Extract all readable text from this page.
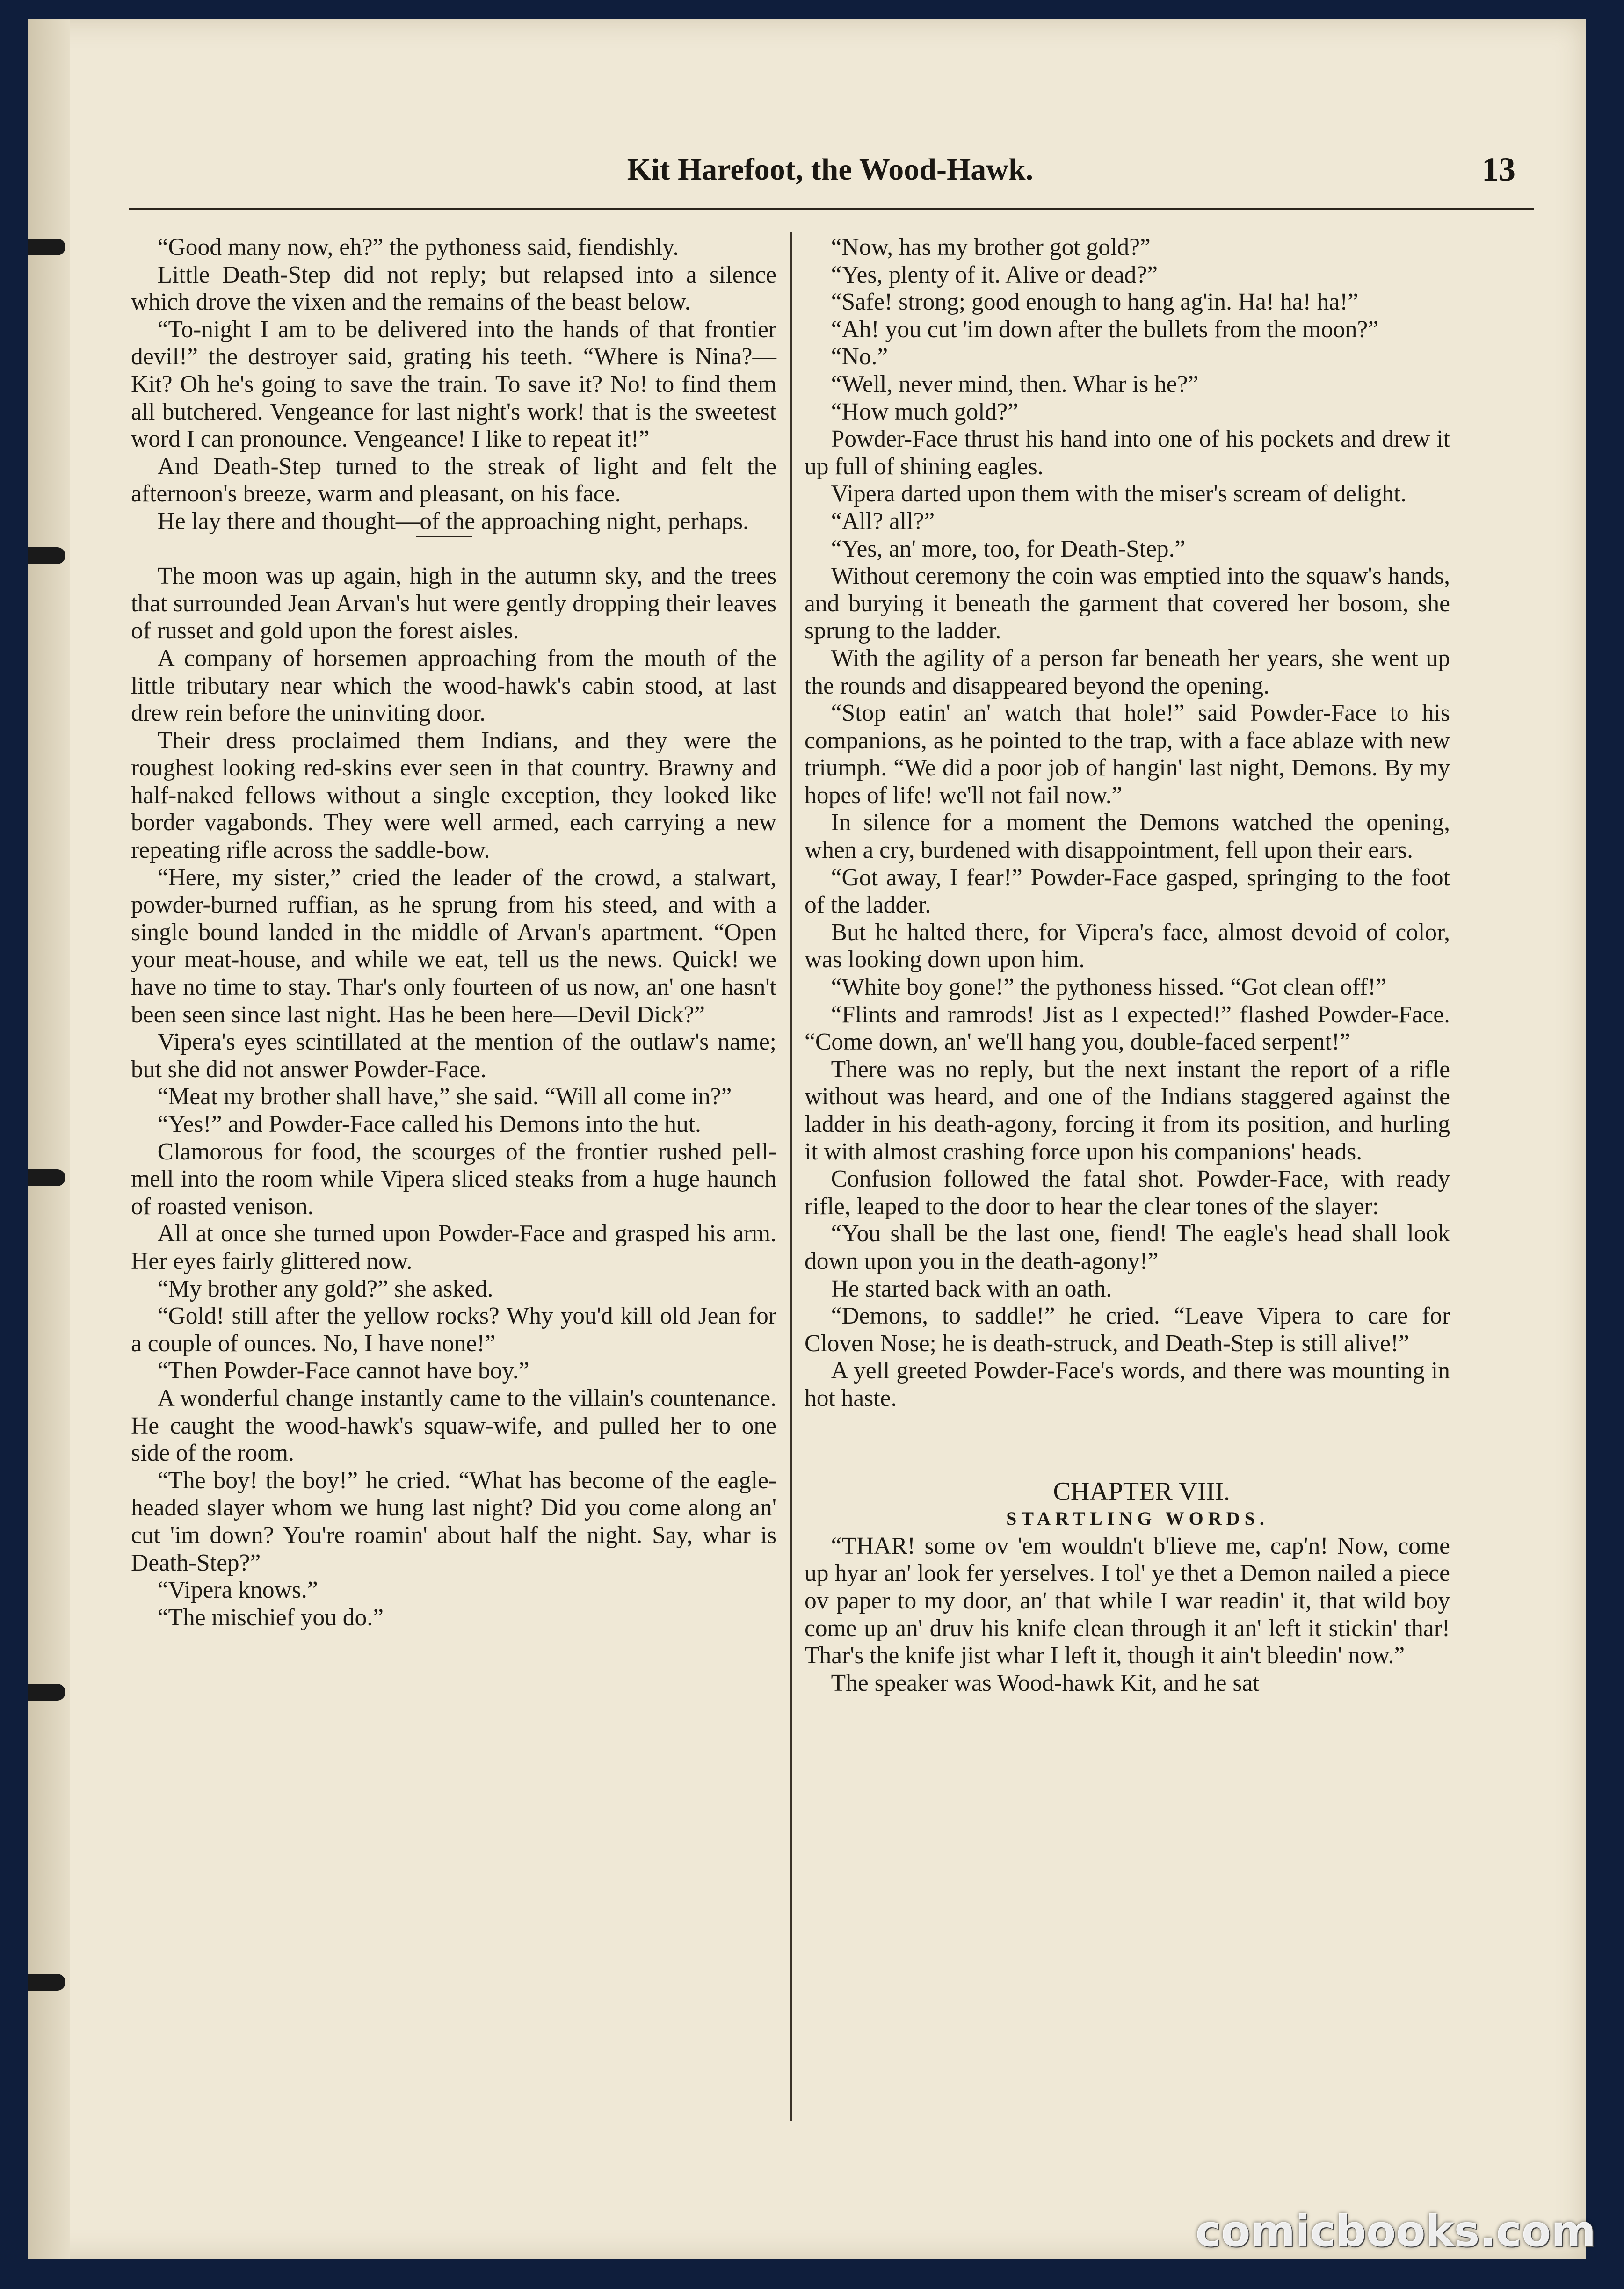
Kit Harefoot, the Wood-Hawk.	13

“Good many now, eh?” the pythoness said, fiendishly.

Little Death-Step did not reply; but relapsed into a silence which drove the vixen and the remains of the beast below.

“To-night I am to be delivered into the hands of that frontier devil!” the destroyer said, grating his teeth. “Where is Nina?—Kit? Oh he's going to save the train. To save it? No! to find them all butchered. Vengeance for last night's work! that is the sweetest word I can pronounce. Vengeance! I like to repeat it!”

And Death-Step turned to the streak of light and felt the afternoon's breeze, warm and pleasant, on his face.

He lay there and thought—of the approaching night, perhaps.

The moon was up again, high in the autumn sky, and the trees that surrounded Jean Arvan's hut were gently dropping their leaves of russet and gold upon the forest aisles.

A company of horsemen approaching from the mouth of the little tributary near which the wood-hawk's cabin stood, at last drew rein before the uninviting door.

Their dress proclaimed them Indians, and they were the roughest looking red-skins ever seen in that country. Brawny and half-naked fellows without a single exception, they looked like border vagabonds. They were well armed, each carrying a new repeating rifle across the saddle-bow.

“Here, my sister,” cried the leader of the crowd, a stalwart, powder-burned ruffian, as he sprung from his steed, and with a single bound landed in the middle of Arvan's apartment. “Open your meat-house, and while we eat, tell us the news. Quick! we have no time to stay. Thar's only fourteen of us now, an' one hasn't been seen since last night. Has he been here—Devil Dick?”

Vipera's eyes scintillated at the mention of the outlaw's name; but she did not answer Powder-Face.

“Meat my brother shall have,” she said. “Will all come in?”

“Yes!” and Powder-Face called his Demons into the hut.

Clamorous for food, the scourges of the frontier rushed pell-mell into the room while Vipera sliced steaks from a huge haunch of roasted venison.

All at once she turned upon Powder-Face and grasped his arm. Her eyes fairly glittered now.

“My brother any gold?” she asked.

“Gold! still after the yellow rocks? Why you'd kill old Jean for a couple of ounces. No, I have none!”

“Then Powder-Face cannot have boy.”

A wonderful change instantly came to the villain's countenance. He caught the wood-hawk's squaw-wife, and pulled her to one side of the room.

“The boy! the boy!” he cried. “What has become of the eagle-headed slayer whom we hung last night? Did you come along an' cut 'im down? You're roamin' about half the night. Say, whar is Death-Step?”

“Vipera knows.”

“The mischief you do.”

“Now, has my brother got gold?”

“Yes, plenty of it. Alive or dead?”

“Safe! strong; good enough to hang ag'in. Ha! ha! ha!”

“Ah! you cut 'im down after the bullets from the moon?”

“No.”

“Well, never mind, then. Whar is he?”

“How much gold?”

Powder-Face thrust his hand into one of his pockets and drew it up full of shining eagles.

Vipera darted upon them with the miser's scream of delight.

“All? all?”

“Yes, an' more, too, for Death-Step.”

Without ceremony the coin was emptied into the squaw's hands, and burying it beneath the garment that covered her bosom, she sprung to the ladder.

With the agility of a person far beneath her years, she went up the rounds and disappeared beyond the opening.

“Stop eatin' an' watch that hole!” said Powder-Face to his companions, as he pointed to the trap, with a face ablaze with new triumph. “We did a poor job of hangin' last night, Demons. By my hopes of life! we'll not fail now.”

In silence for a moment the Demons watched the opening, when a cry, burdened with disappointment, fell upon their ears.

“Got away, I fear!” Powder-Face gasped, springing to the foot of the ladder.

But he halted there, for Vipera's face, almost devoid of color, was looking down upon him.

“White boy gone!” the pythoness hissed. “Got clean off!”

“Flints and ramrods! Jist as I expected!” flashed Powder-Face. “Come down, an' we'll hang you, double-faced serpent!”

There was no reply, but the next instant the report of a rifle without was heard, and one of the Indians staggered against the ladder in his death-agony, forcing it from its position, and hurling it with almost crashing force upon his companions' heads.

Confusion followed the fatal shot. Powder-Face, with ready rifle, leaped to the door to hear the clear tones of the slayer:

“You shall be the last one, fiend! The eagle's head shall look down upon you in the death-agony!”

He started back with an oath.

“Demons, to saddle!” he cried. “Leave Vipera to care for Cloven Nose; he is death-struck, and Death-Step is still alive!”

A yell greeted Powder-Face's words, and there was mounting in hot haste.

CHAPTER VIII.

STARTLING WORDS.

“THAR! some ov 'em wouldn't b'lieve me, cap'n! Now, come up hyar an' look fer yerselves. I tol' ye thet a Demon nailed a piece ov paper to my door, an' that while I war readin' it, that wild boy come up an' druv his knife clean through it an' left it stickin' thar! Thar's the knife jist whar I left it, though it ain't bleedin' now.”

The speaker was Wood-hawk Kit, and he sat

comicbooks.com
